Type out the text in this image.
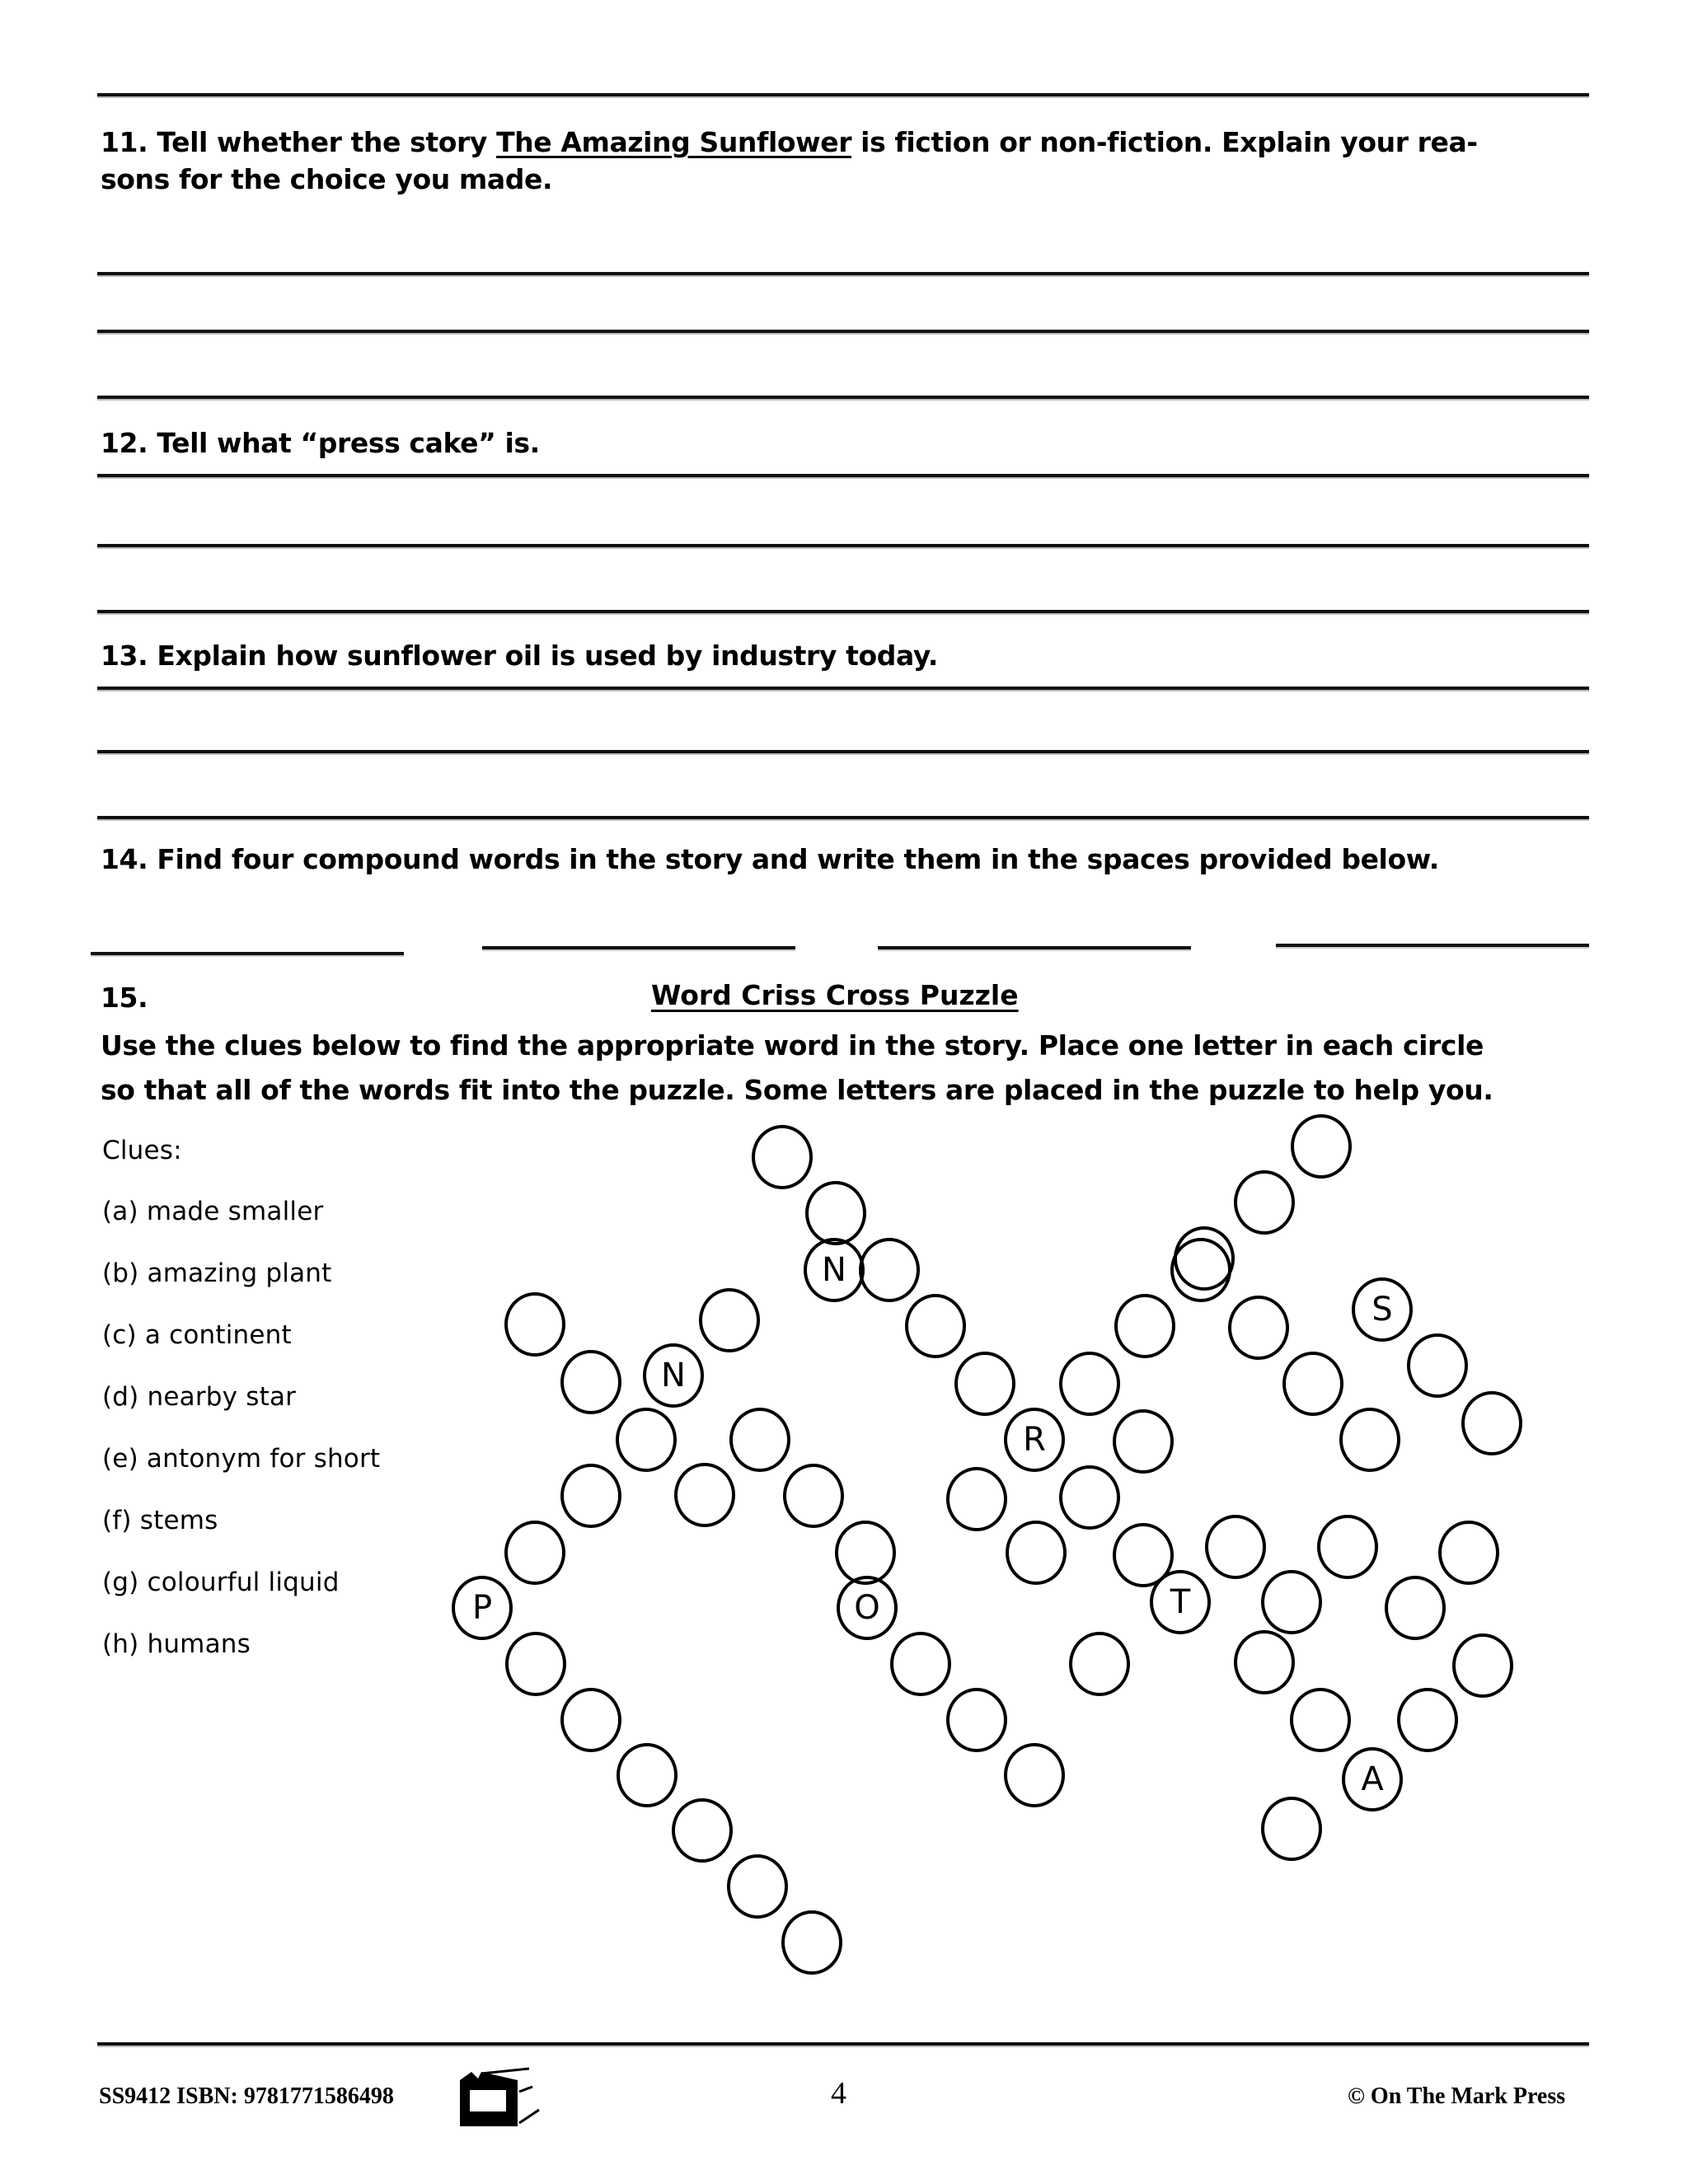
11. Tell whether the story The Amazing Sunflower is fiction or non-fiction. Explain your rea-
sons for the choice you made.
12. Tell what “press cake” is.
13. Explain how sunflower oil is used by industry today.
14. Find four compound words in the story and write them in the spaces provided below.
15.	Word Criss Cross Puzzle
Use the clues below to find the appropriate word in the story. Place one letter in each circle
so that all of the words fit into the puzzle. Some letters are placed in the puzzle to help you.
Clues:
(a) made smaller
(b) amazing plant
(c) a continent
(d) nearby star
(e) antonym for short
(f) stems
(g) colourful liquid
(h) humans
N
S
N
R
P	O	T
A
SS9412 ISBN: 9781771586498	4	© On The Mark Press
